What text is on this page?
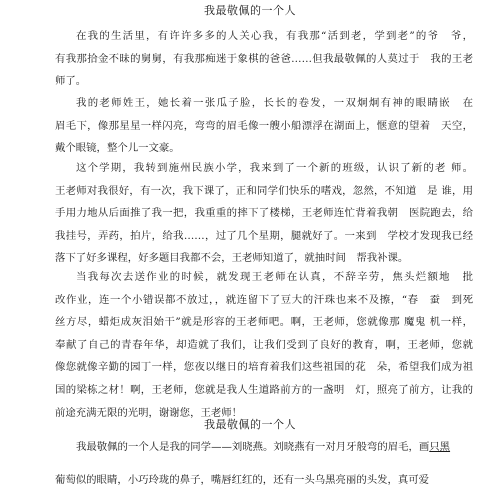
我最敬佩的一个人
在我的生活里，有许许多多的人关心我，有我那“活到老，学到老”的爷　爷，
有我那拾金不昧的舅舅，有我那痴迷于象棋的爸爸……但我最敬佩的人莫过于　我的王老
师了。
我的老师姓王，她长着一张瓜子脸，长长的卷发，一双炯炯有神的眼睛嵌　在
眉毛下，像那星星一样闪亮，弯弯的眉毛像一艘小船漂浮在湖面上，惬意的望着　天空，
戴个眼镜，整个儿一文豪。
这个学期，我转到施州民族小学，我来到了一个新的班级，认识了新的老 师。
王老师对我很好，有一次，我下课了，正和同学们快乐的嗜戏，忽然，不知道　是 谁，用
手用力地从后面推了我一把，我重重的摔下了楼梯，王老师连忙背着我朝　医院跑去，给
我挂号，弄药，拍片，给我……，过了几个星期，腿就好了。一来到　学校才发现我已经
落下了好多课程，好多题目我都不会，王老师知道了，就抽时间　帮我补课。
当我每次去送作业的时候，就发现王老师在认真，不辞辛劳，焦头烂额地　批
改作业，连一个小错误都不放过，，就连留下了豆大的汗珠也来不及擦，“春　蚕　到死
丝方尽，蜡炬成灰泪始干”就是形容的王老师吧。啊，王老师，您就像那 魔鬼 机一样，
奉献了自己的青春年华，却造就了我们，让我们受到了良好的教育，啊，王老师，您就
像您就像辛勤的园丁一样，您夜以继日的培育着我们这些祖国的花　朵，希望我们成为祖
国的梁栋之材！啊，王老师，您就是我人生道路前方的一盏明　灯，照亮了前方，让我的
前途充满无限的光明，谢谢您，王老师！
我最敬佩的一个人
我最敬佩的一个人是我的同学——刘晓燕。刘晓燕有一对月牙般弯的眉毛，画只黑
葡萄似的眼睛，小巧玲珑的鼻子，嘴唇红红的，还有一头乌黑亮丽的头发，真可爱
